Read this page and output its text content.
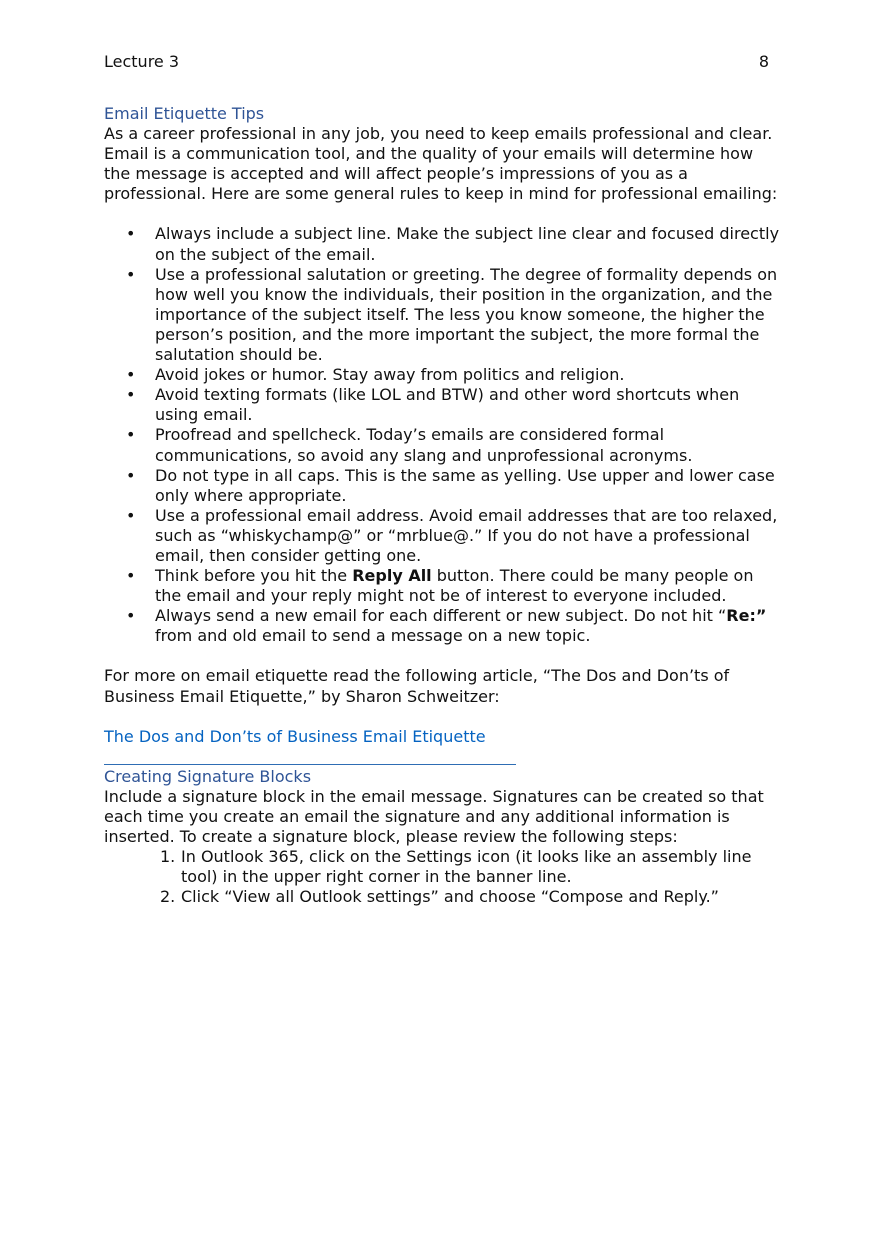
Lecture 3	8
Email Etiquette Tips

As a career professional in any job, you need to keep emails professional and clear. Email is a communication tool, and the quality of your emails will determine how the message is accepted and will affect people’s impressions of you as a professional. Here are some general rules to keep in mind for professional emailing:

• Always include a subject line. Make the subject line clear and focused directly on the subject of the email.
• Use a professional salutation or greeting. The degree of formality depends on how well you know the individuals, their position in the organization, and the importance of the subject itself. The less you know someone, the higher the person’s position, and the more important the subject, the more formal the salutation should be.
• Avoid jokes or humor. Stay away from politics and religion.
• Avoid texting formats (like LOL and BTW) and other word shortcuts when using email.
• Proofread and spellcheck. Today’s emails are considered formal communications, so avoid any slang and unprofessional acronyms.
• Do not type in all caps. This is the same as yelling. Use upper and lower case only where appropriate.
• Use a professional email address. Avoid email addresses that are too relaxed, such as “whiskychamp@” or “mrblue@.” If you do not have a professional email, then consider getting one.
• Think before you hit the Reply All button. There could be many people on the email and your reply might not be of interest to everyone included.
• Always send a new email for each different or new subject. Do not hit “Re:” from and old email to send a message on a new topic.

For more on email etiquette read the following article, “The Dos and Don’ts of Business Email Etiquette,” by Sharon Schweitzer:

The Dos and Don’ts of Business Email Etiquette

Creating Signature Blocks

Include a signature block in the email message. Signatures can be created so that each time you create an email the signature and any additional information is inserted. To create a signature block, please review the following steps:

1. In Outlook 365, click on the Settings icon (it looks like an assembly line tool) in the upper right corner in the banner line.
2. Click “View all Outlook settings” and choose “Compose and Reply.”
